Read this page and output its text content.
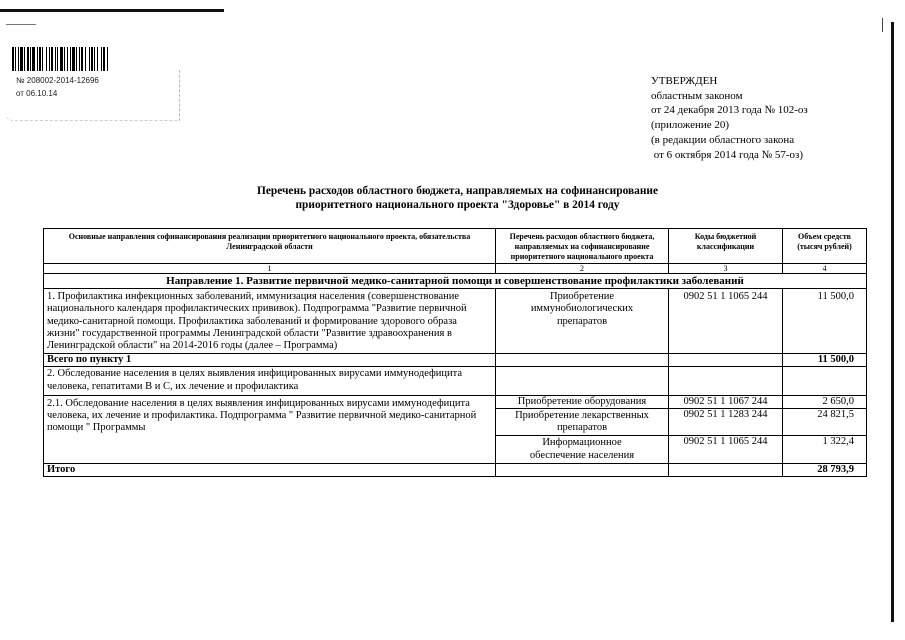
№ 208002-2014-12696
от 06.10.14
УТВЕРЖДЕН
областным законом
от 24 декабря 2013 года № 102-оз
(приложение 20)
(в редакции областного закона
от 6 октября 2014 года № 57-оз)
Перечень расходов областного бюджета, направляемых на софинансирование
приоритетного национального проекта "Здоровье" в 2014 году
Основные направления софинансирования реализации приоритетного национального проекта, обязательства Ленинградской области	Перечень расходов областного бюджета, направляемых на софинансирование приоритетного национального проекта	Коды бюджетной классификации	Объем средств (тысяч рублей)
1	2	3	4
Направление 1. Развитие первичной медико-санитарной помощи и совершенствование профилактики заболеваний			
1. Профилактика инфекционных заболеваний, иммунизация населения (совершенствование национального календаря профилактических прививок). Подпрограмма "Развитие первичной медико-санитарной помощи. Профилактика заболеваний и формирование здорового образа жизни" государственной программы Ленинградской области "Развитие здравоохранения в Ленинградской области" на 2014-2016 годы (далее – Программа)	Приобретение иммунобиологических препаратов	0902 51 1 1065 244	11 500,0
Всего по пункту 1			11 500,0
2. Обследование населения в целях выявления инфицированных вирусами иммунодефицита человека, гепатитами В и С, их лечение и профилактика			
2.1. Обследование населения в целях выявления инфицированных вирусами иммунодефицита человека, их лечение и профилактика. Подпрограмма " Развитие первичной медико-санитарной помощи " Программы	Приобретение оборудования	0902 51 1 1067 244	2 650,0
	Приобретение лекарственных препаратов	0902 51 1 1283 244	24 821,5
	Информационное обеспечение населения	0902 51 1 1065 244	1 322,4
Итого			28 793,9
